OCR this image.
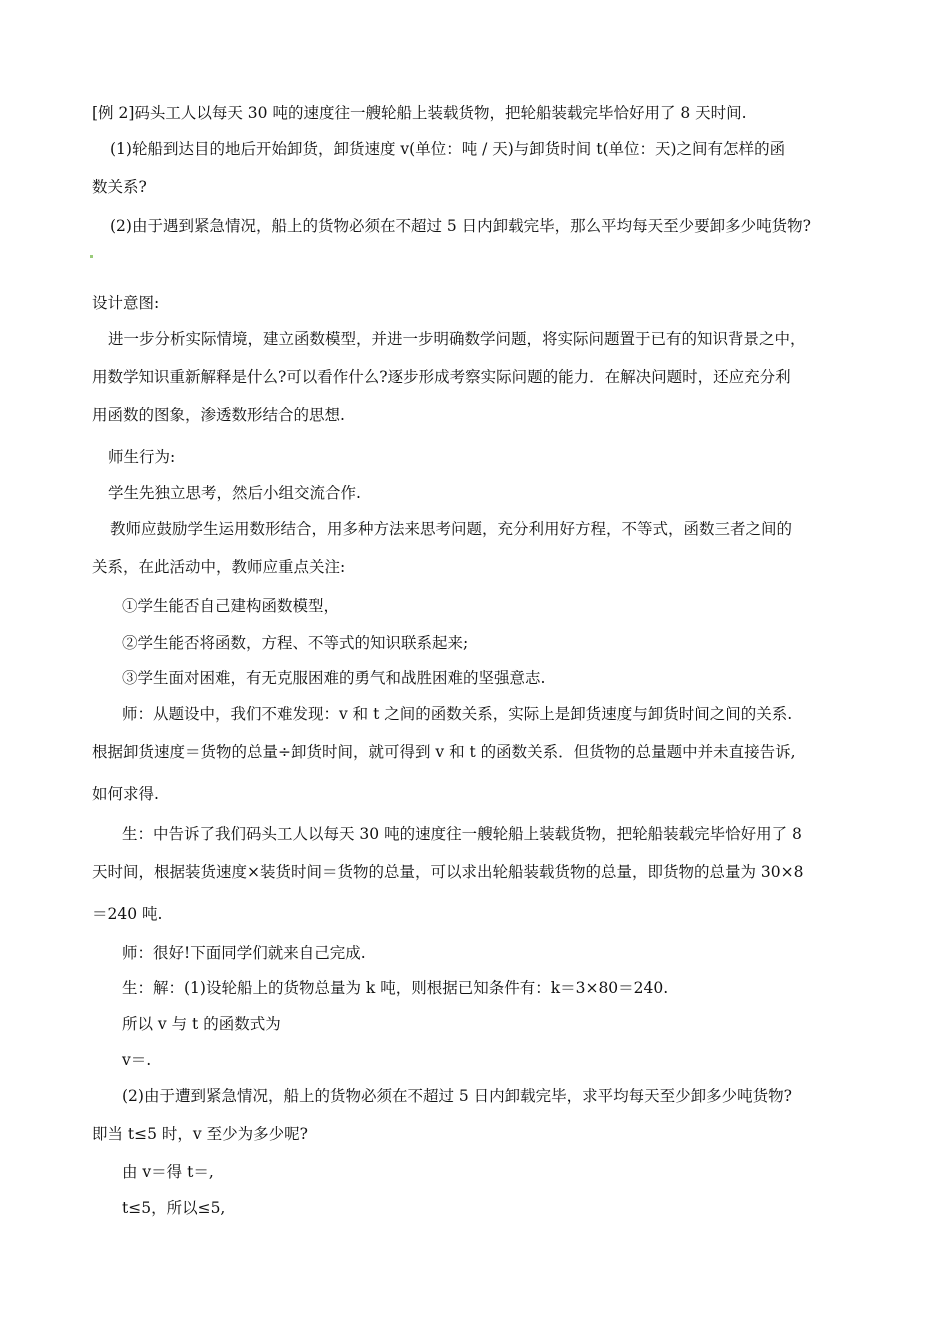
[例 2]码头工人以每天 30 吨的速度往一艘轮船上装载货物，把轮船装载完毕恰好用了 8 天时间.
(1)轮船到达目的地后开始卸货，卸货速度 v(单位：吨 / 天)与卸货时间 t(单位：天)之间有怎样的函
数关系?
(2)由于遇到紧急情况，船上的货物必须在不超过 5 日内卸载完毕，那么平均每天至少要卸多少吨货物?
设计意图:
进一步分析实际情境，建立函数模型，并进一步明确数学问题，将实际问题置于已有的知识背景之中，
用数学知识重新解释是什么?可以看作什么?逐步形成考察实际问题的能力．在解决问题时，还应充分利
用函数的图象，渗透数形结合的思想.
师生行为:
学生先独立思考，然后小组交流合作.
教师应鼓励学生运用数形结合，用多种方法来思考问题，充分利用好方程，不等式，函数三者之间的
关系，在此活动中，教师应重点关注:
①学生能否自己建构函数模型，
②学生能否将函数，方程、不等式的知识联系起来;
③学生面对困难，有无克服困难的勇气和战胜困难的坚强意志.
师：从题设中，我们不难发现：v 和 t 之间的函数关系，实际上是卸货速度与卸货时间之间的关系.
根据卸货速度＝货物的总量÷卸货时间，就可得到 v 和 t 的函数关系．但货物的总量题中并未直接告诉,
如何求得.
生：中告诉了我们码头工人以每天 30 吨的速度往一艘轮船上装载货物，把轮船装载完毕恰好用了 8
天时间，根据装货速度×装货时间＝货物的总量，可以求出轮船装载货物的总量，即货物的总量为 30×8
＝240 吨.
师：很好!下面同学们就来自己完成.
生：解：(1)设轮船上的货物总量为 k 吨，则根据已知条件有：k＝3×80＝240.
所以 v 与 t 的函数式为
v＝.
(2)由于遭到紧急情况，船上的货物必须在不超过 5 日内卸载完毕，求平均每天至少卸多少吨货物?
即当 t≤5 时，v 至少为多少呢?
由 v＝得 t＝,
t≤5，所以≤5,
